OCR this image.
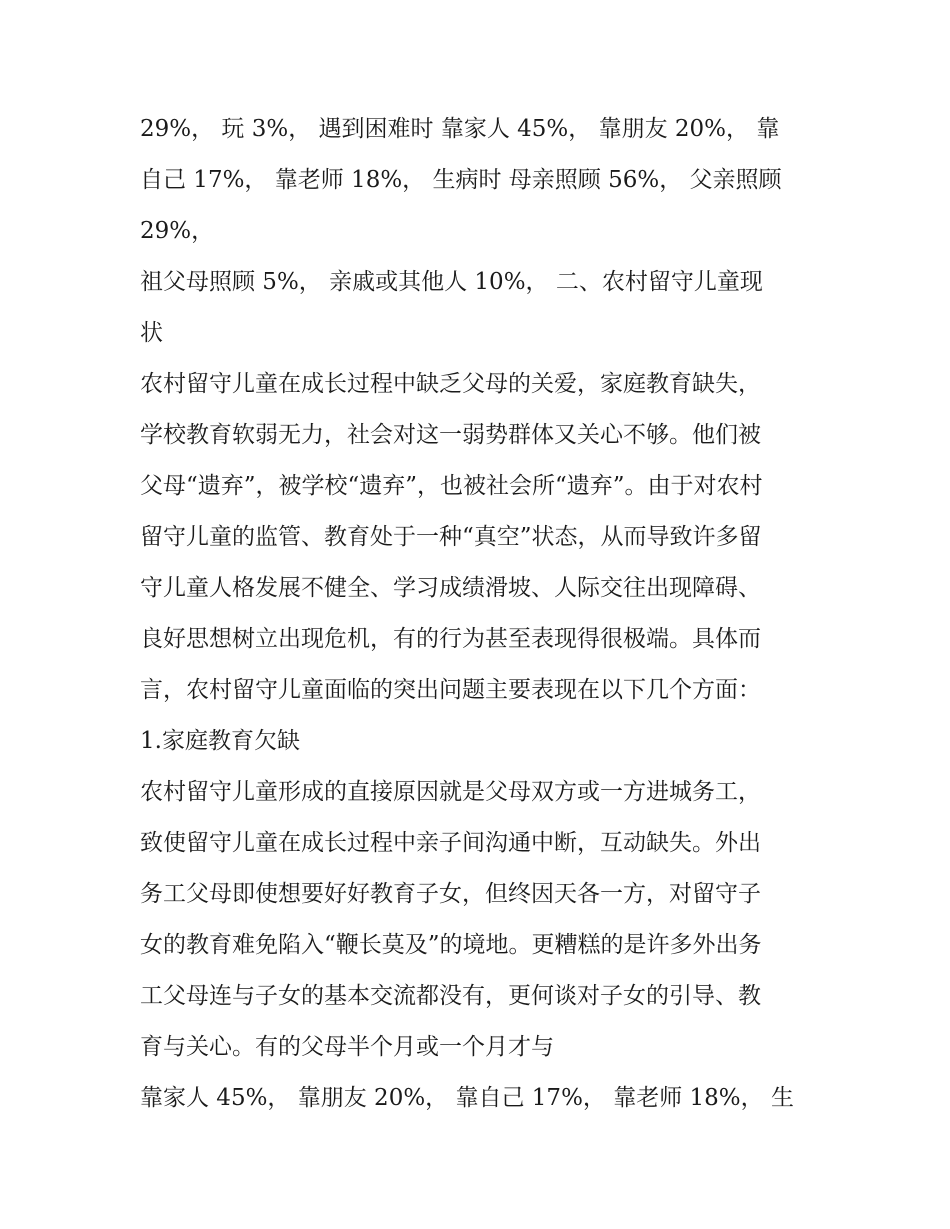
29%， 玩 3%， 遇到困难时 靠家人 45%， 靠朋友 20%， 靠
自己 17%， 靠老师 18%， 生病时 母亲照顾 56%， 父亲照顾
29%，

祖父母照顾 5%， 亲戚或其他人 10%， 二、农村留守儿童现
状

农村留守儿童在成长过程中缺乏父母的关爱，家庭教育缺失，
学校教育软弱无力，社会对这一弱势群体又关心不够。他们被
父母“遗弃”，被学校“遗弃”，也被社会所“遗弃”。由于对农村
留守儿童的监管、教育处于一种“真空”状态，从而导致许多留
守儿童人格发展不健全、学习成绩滑坡、人际交往出现障碍、
良好思想树立出现危机，有的行为甚至表现得很极端。具体而
言，农村留守儿童面临的突出问题主要表现在以下几个方面：

1.家庭教育欠缺

农村留守儿童形成的直接原因就是父母双方或一方进城务工，
致使留守儿童在成长过程中亲子间沟通中断，互动缺失。外出
务工父母即使想要好好教育子女，但终因天各一方，对留守子
女的教育难免陷入“鞭长莫及”的境地。更糟糕的是许多外出务
工父母连与子女的基本交流都没有，更何谈对子女的引导、教
育与关心。有的父母半个月或一个月才与

靠家人 45%， 靠朋友 20%， 靠自己 17%， 靠老师 18%， 生
